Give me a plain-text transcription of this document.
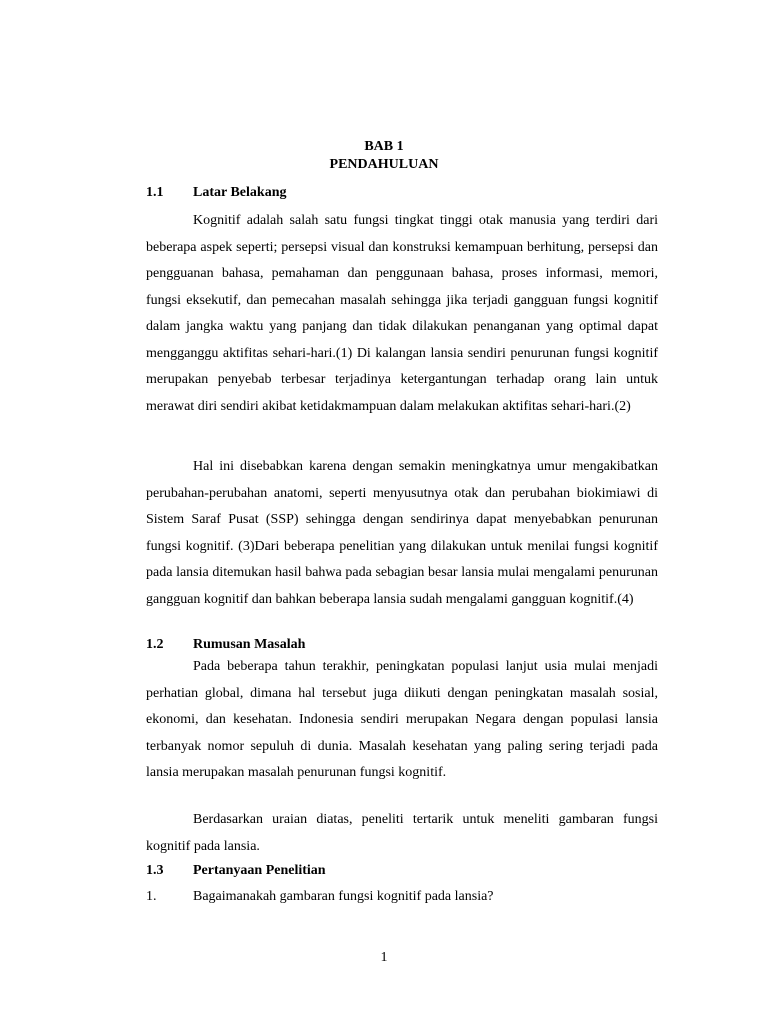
BAB 1
PENDAHULUAN
1.1 Latar Belakang

Kognitif adalah salah satu fungsi tingkat tinggi otak manusia yang terdiri dari beberapa aspek seperti; persepsi visual dan konstruksi kemampuan berhitung, persepsi dan pengguanan bahasa, pemahaman dan penggunaan bahasa, proses informasi, memori, fungsi eksekutif, dan pemecahan masalah sehingga jika terjadi gangguan fungsi kognitif dalam jangka waktu yang panjang dan tidak dilakukan penanganan yang optimal dapat mengganggu aktifitas sehari-hari.(1) Di kalangan lansia sendiri penurunan fungsi kognitif merupakan penyebab terbesar terjadinya ketergantungan terhadap orang lain untuk merawat diri sendiri akibat ketidakmampuan dalam melakukan aktifitas sehari-hari.(2)

Hal ini disebabkan karena dengan semakin meningkatnya umur mengakibatkan perubahan-perubahan anatomi, seperti menyusutnya otak dan perubahan biokimiawi di Sistem Saraf Pusat (SSP) sehingga dengan sendirinya dapat menyebabkan penurunan fungsi kognitif. (3)Dari beberapa penelitian yang dilakukan untuk menilai fungsi kognitif pada lansia ditemukan hasil bahwa pada sebagian besar lansia mulai mengalami penurunan gangguan kognitif dan bahkan beberapa lansia sudah mengalami gangguan kognitif.(4)

1.2 Rumusan Masalah

Pada beberapa tahun terakhir, peningkatan populasi lanjut usia mulai menjadi perhatian global, dimana hal tersebut juga diikuti dengan peningkatan masalah sosial, ekonomi, dan kesehatan. Indonesia sendiri merupakan Negara dengan populasi lansia terbanyak nomor sepuluh di dunia. Masalah kesehatan yang paling sering terjadi pada lansia merupakan masalah penurunan fungsi kognitif.

Berdasarkan uraian diatas, peneliti tertarik untuk meneliti gambaran fungsi kognitif pada lansia.

1.3 Pertanyaan Penelitian
1.	Bagaimanakah gambaran fungsi kognitif pada lansia?
1
